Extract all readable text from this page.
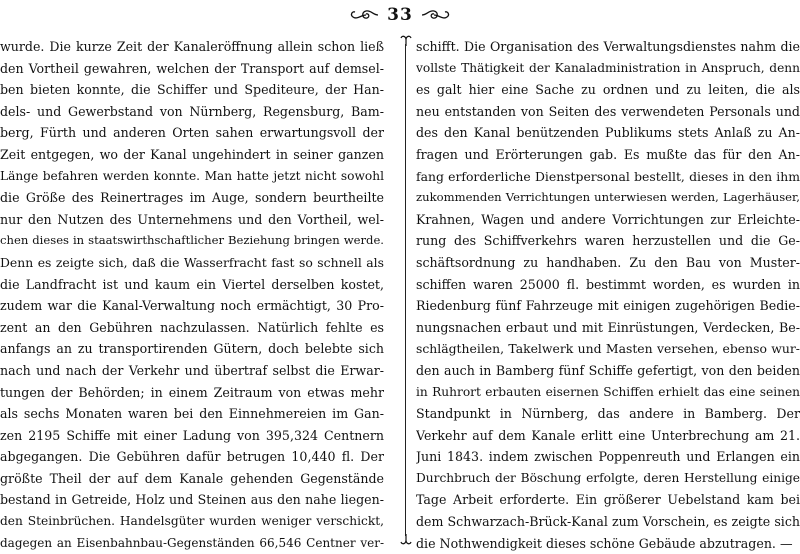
33
wurde. Die kurze Zeit der Kanaleröffnung allein schon ließ
den Vortheil gewahren, welchen der Transport auf demsel-
ben bieten konnte, die Schiffer und Spediteure, der Han-
dels- und Gewerbstand von Nürnberg, Regensburg, Bam-
berg, Fürth und anderen Orten sahen erwartungsvoll der
Zeit entgegen, wo der Kanal ungehindert in seiner ganzen
Länge befahren werden konnte. Man hatte jetzt nicht sowohl
die Größe des Reinertrages im Auge, sondern beurtheilte
nur den Nutzen des Unternehmens und den Vortheil, wel-
chen dieses in staatswirthschaftlicher Beziehung bringen werde.
Denn es zeigte sich, daß die Wasserfracht fast so schnell als
die Landfracht ist und kaum ein Viertel derselben kostet,
zudem war die Kanal-Verwaltung noch ermächtigt, 30 Pro-
zent an den Gebühren nachzulassen. Natürlich fehlte es
anfangs an zu transportirenden Gütern, doch belebte sich
nach und nach der Verkehr und übertraf selbst die Erwar-
tungen der Behörden; in einem Zeitraum von etwas mehr
als sechs Monaten waren bei den Einnehmereien im Gan-
zen 2195 Schiffe mit einer Ladung von 395,324 Centnern
abgegangen. Die Gebühren dafür betrugen 10,440 fl. Der
größte Theil der auf dem Kanale gehenden Gegenstände
bestand in Getreide, Holz und Steinen aus den nahe liegen-
den Steinbrüchen. Handelsgüter wurden weniger verschickt,
dagegen an Eisenbahnbau-Gegenständen 66,546 Centner ver-
schifft. Die Organisation des Verwaltungsdienstes nahm die
vollste Thätigkeit der Kanaladministration in Anspruch, denn
es galt hier eine Sache zu ordnen und zu leiten, die als
neu entstanden von Seiten des verwendeten Personals und
des den Kanal benützenden Publikums stets Anlaß zu An-
fragen und Erörterungen gab. Es mußte das für den An-
fang erforderliche Dienstpersonal bestellt, dieses in den ihm
zukommenden Verrichtungen unterwiesen werden, Lagerhäuser,
Krahnen, Wagen und andere Vorrichtungen zur Erleichte-
rung des Schiffverkehrs waren herzustellen und die Ge-
schäftsordnung zu handhaben. Zu den Bau von Muster-
schiffen waren 25000 fl. bestimmt worden, es wurden in
Riedenburg fünf Fahrzeuge mit einigen zugehörigen Bedie-
nungsnachen erbaut und mit Einrüstungen, Verdecken, Be-
schlägtheilen, Takelwerk und Masten versehen, ebenso wur-
den auch in Bamberg fünf Schiffe gefertigt, von den beiden
in Ruhrort erbauten eisernen Schiffen erhielt das eine seinen
Standpunkt in Nürnberg, das andere in Bamberg. Der
Verkehr auf dem Kanale erlitt eine Unterbrechung am 21.
Juni 1843. indem zwischen Poppenreuth und Erlangen ein
Durchbruch der Böschung erfolgte, deren Herstellung einige
Tage Arbeit erforderte. Ein größerer Uebelstand kam bei
dem Schwarzach-Brück-Kanal zum Vorschein, es zeigte sich
die Nothwendigkeit dieses schöne Gebäude abzutragen. —
